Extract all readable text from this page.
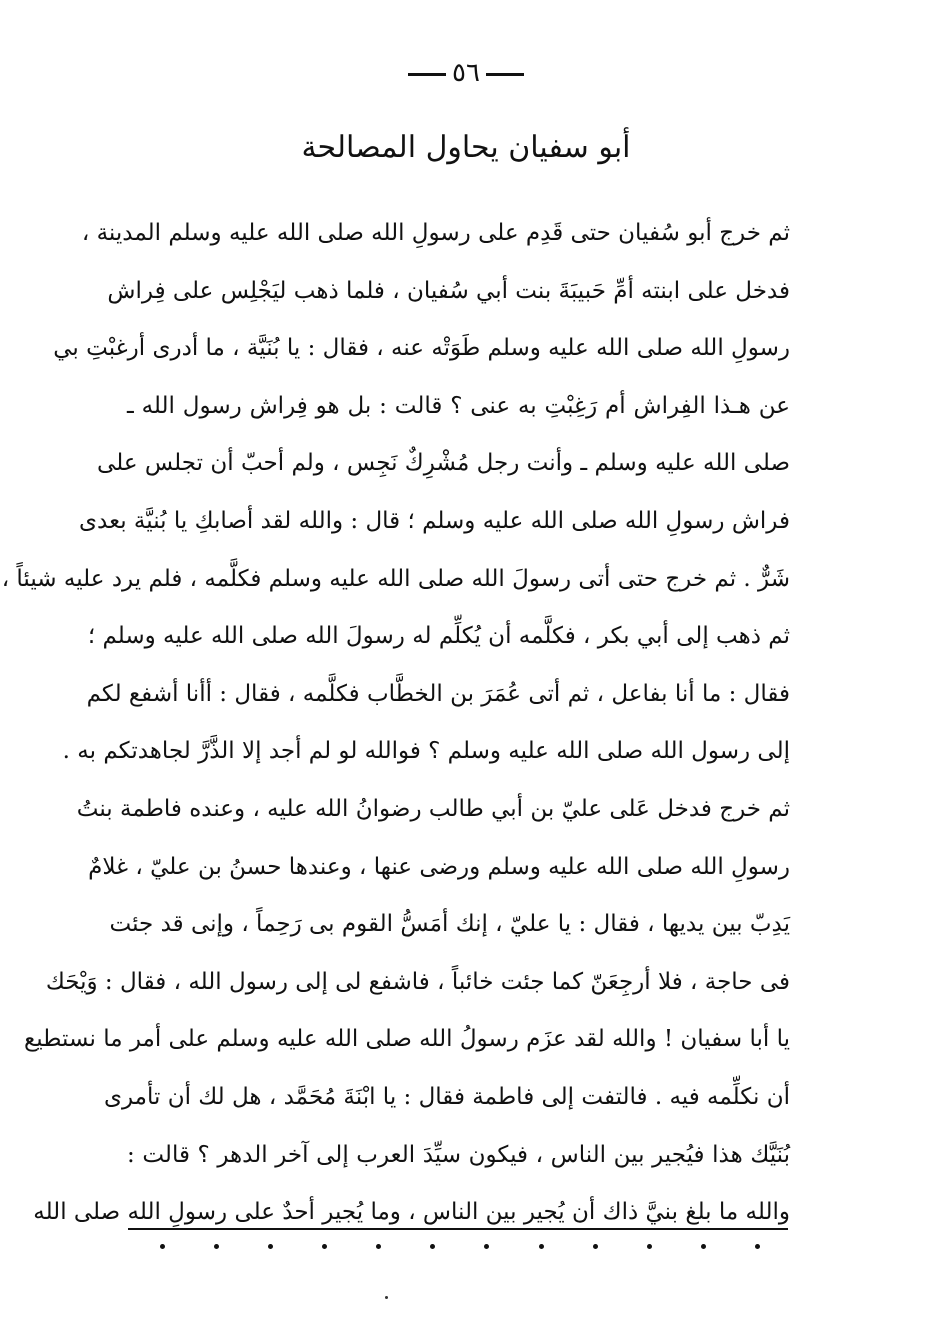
٥٦
أبو سفيان يحاول المصالحة
ثم خرج أبو سُفيان حتى قَدِم على رسولِ الله صلى الله عليه وسلم المدينة ،
فدخل على ابنته أمِّ حَبيبَةَ بنت أبي سُفيان ، فلما ذهب ليَجْلِس على فِراش
رسولِ الله صلى الله عليه وسلم طَوَتْه عنه ، فقال : يا بُنَيَّة ، ما أدرى أرغبْتِ بي
عن هـذا الفِراش أم رَغِبْتِ به عنى ؟ قالت : بل هو فِراش رسول الله ـ
صلى الله عليه وسلم ـ وأنت رجل مُشْرِكٌ نَجِس ، ولم أحبّ أن تجلس على
فراش رسولِ الله صلى الله عليه وسلم ؛ قال : والله لقد أصابكِ يا بُنيَّة بعدى
شَرٌّ . ثم خرج حتى أتى رسولَ الله صلى الله عليه وسلم فكلَّمه ، فلم يرد عليه شيئاً ،
ثم ذهب إلى أبي بكر ، فكلَّمه أن يُكلِّم له رسولَ الله صلى الله عليه وسلم ؛
فقال : ما أنا بفاعل ، ثم أتى عُمَرَ بن الخطَّاب فكلَّمه ، فقال : أأنا أشفع لكم
إلى رسول الله صلى الله عليه وسلم ؟ فوالله لو لم أجد إلا الذَّرَّ لجاهدتكم به .
ثم خرج فدخل عَلى عليّ بن أبي طالب رضوانُ الله عليه ، وعنده فاطمة بنتُ
رسولِ الله صلى الله عليه وسلم ورضى عنها ، وعندها حسنُ بن عليّ ، غلامٌ
يَدِبّ بين يديها ، فقال : يا عليّ ، إنك أمَسُّ القوم بى رَحِماً ، وإنى قد جئت
فى حاجة ، فلا أرجِعَنّ كما جئت خائباً ، فاشفع لى إلى رسول الله ، فقال : وَيْحَك
يا أبا سفيان ! والله لقد عزَم رسولُ الله صلى الله عليه وسلم على أمر ما نستطيع
أن نكلِّمه فيه . فالتفت إلى فاطمة فقال : يا ابْنَةَ مُحَمَّد ، هل لك أن تأمرى
بُنَيَّك هذا فيُجير بين الناس ، فيكون سيِّدَ العرب إلى آخر الدهر ؟ قالت :
والله ما بلغ بنيَّ ذاك أن يُجير بين الناس ، وما يُجير أحدٌ على رسولِ الله صلى الله
